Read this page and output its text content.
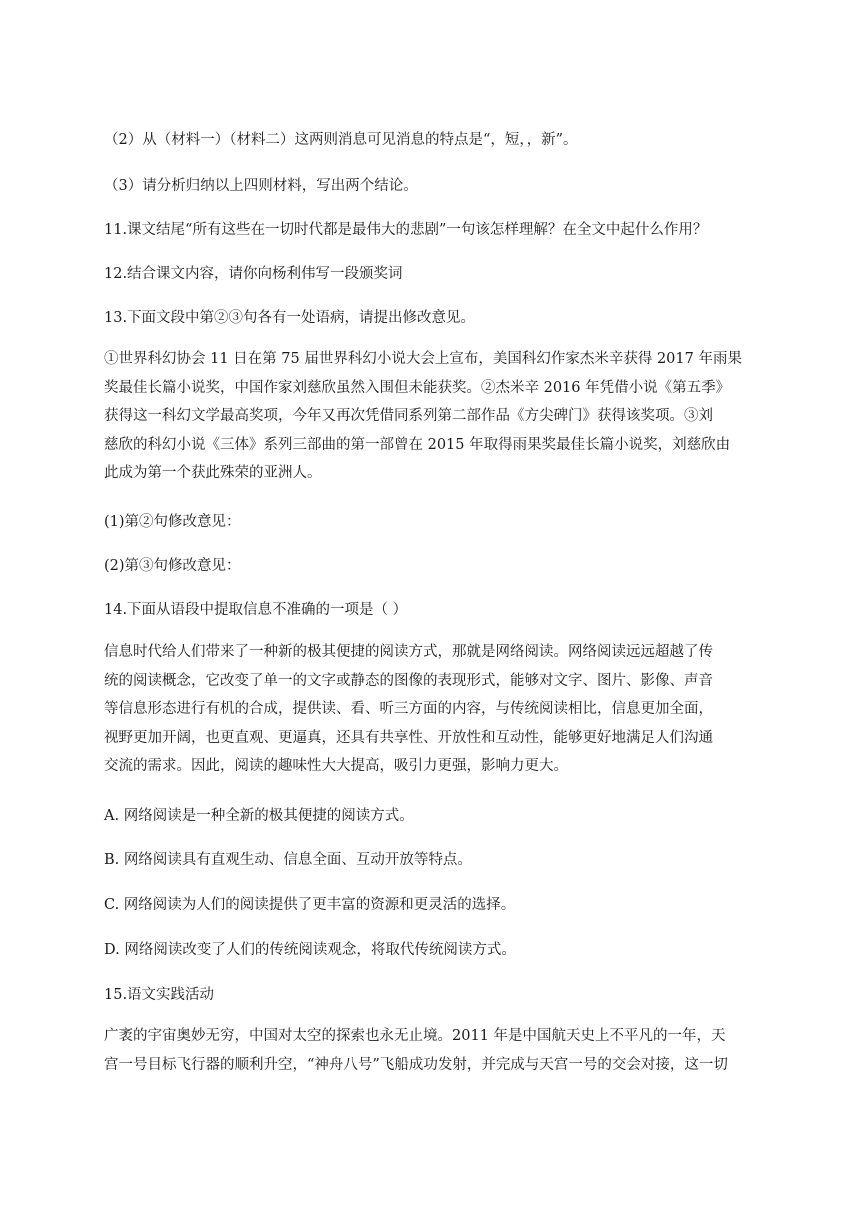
（2）从（材料一）（材料二）这两则消息可见消息的特点是“，短，，新”。
（3）请分析归纳以上四则材料，写出两个结论。
11.课文结尾“所有这些在一切时代都是最伟大的悲剧”一句该怎样理解？在全文中起什么作用？
12.结合课文内容，请你向杨利伟写一段颁奖词
13.下面文段中第②③句各有一处语病，请提出修改意见。
①世界科幻协会 11 日在第 75 届世界科幻小说大会上宣布，美国科幻作家杰米辛获得 2017 年雨果
奖最佳长篇小说奖，中国作家刘慈欣虽然入围但未能获奖。②杰米辛 2016 年凭借小说《第五季》
获得这一科幻文学最高奖项，今年又再次凭借同系列第二部作品《方尖碑门》获得该奖项。③刘
慈欣的科幻小说《三体》系列三部曲的第一部曾在 2015 年取得雨果奖最佳长篇小说奖，刘慈欣由
此成为第一个获此殊荣的亚洲人。
(1)第②句修改意见：
(2)第③句修改意见：
14.下面从语段中提取信息不准确的一项是（ ）
信息时代给人们带来了一种新的极其便捷的阅读方式，那就是网络阅读。网络阅读远远超越了传
统的阅读概念，它改变了单一的文字或静态的图像的表现形式，能够对文字、图片、影像、声音
等信息形态进行有机的合成，提供读、看、听三方面的内容，与传统阅读相比，信息更加全面，
视野更加开阔，也更直观、更逼真，还具有共享性、开放性和互动性，能够更好地满足人们沟通
交流的需求。因此，阅读的趣味性大大提高，吸引力更强，影响力更大。
A. 网络阅读是一种全新的极其便捷的阅读方式。
B. 网络阅读具有直观生动、信息全面、互动开放等特点。
C. 网络阅读为人们的阅读提供了更丰富的资源和更灵活的选择。
D. 网络阅读改变了人们的传统阅读观念，将取代传统阅读方式。
15.语文实践活动
广袤的宇宙奥妙无穷，中国对太空的探索也永无止境。2011 年是中国航天史上不平凡的一年，天
宫一号目标飞行器的顺利升空，“神舟八号”飞船成功发射，并完成与天宫一号的交会对接，这一切
